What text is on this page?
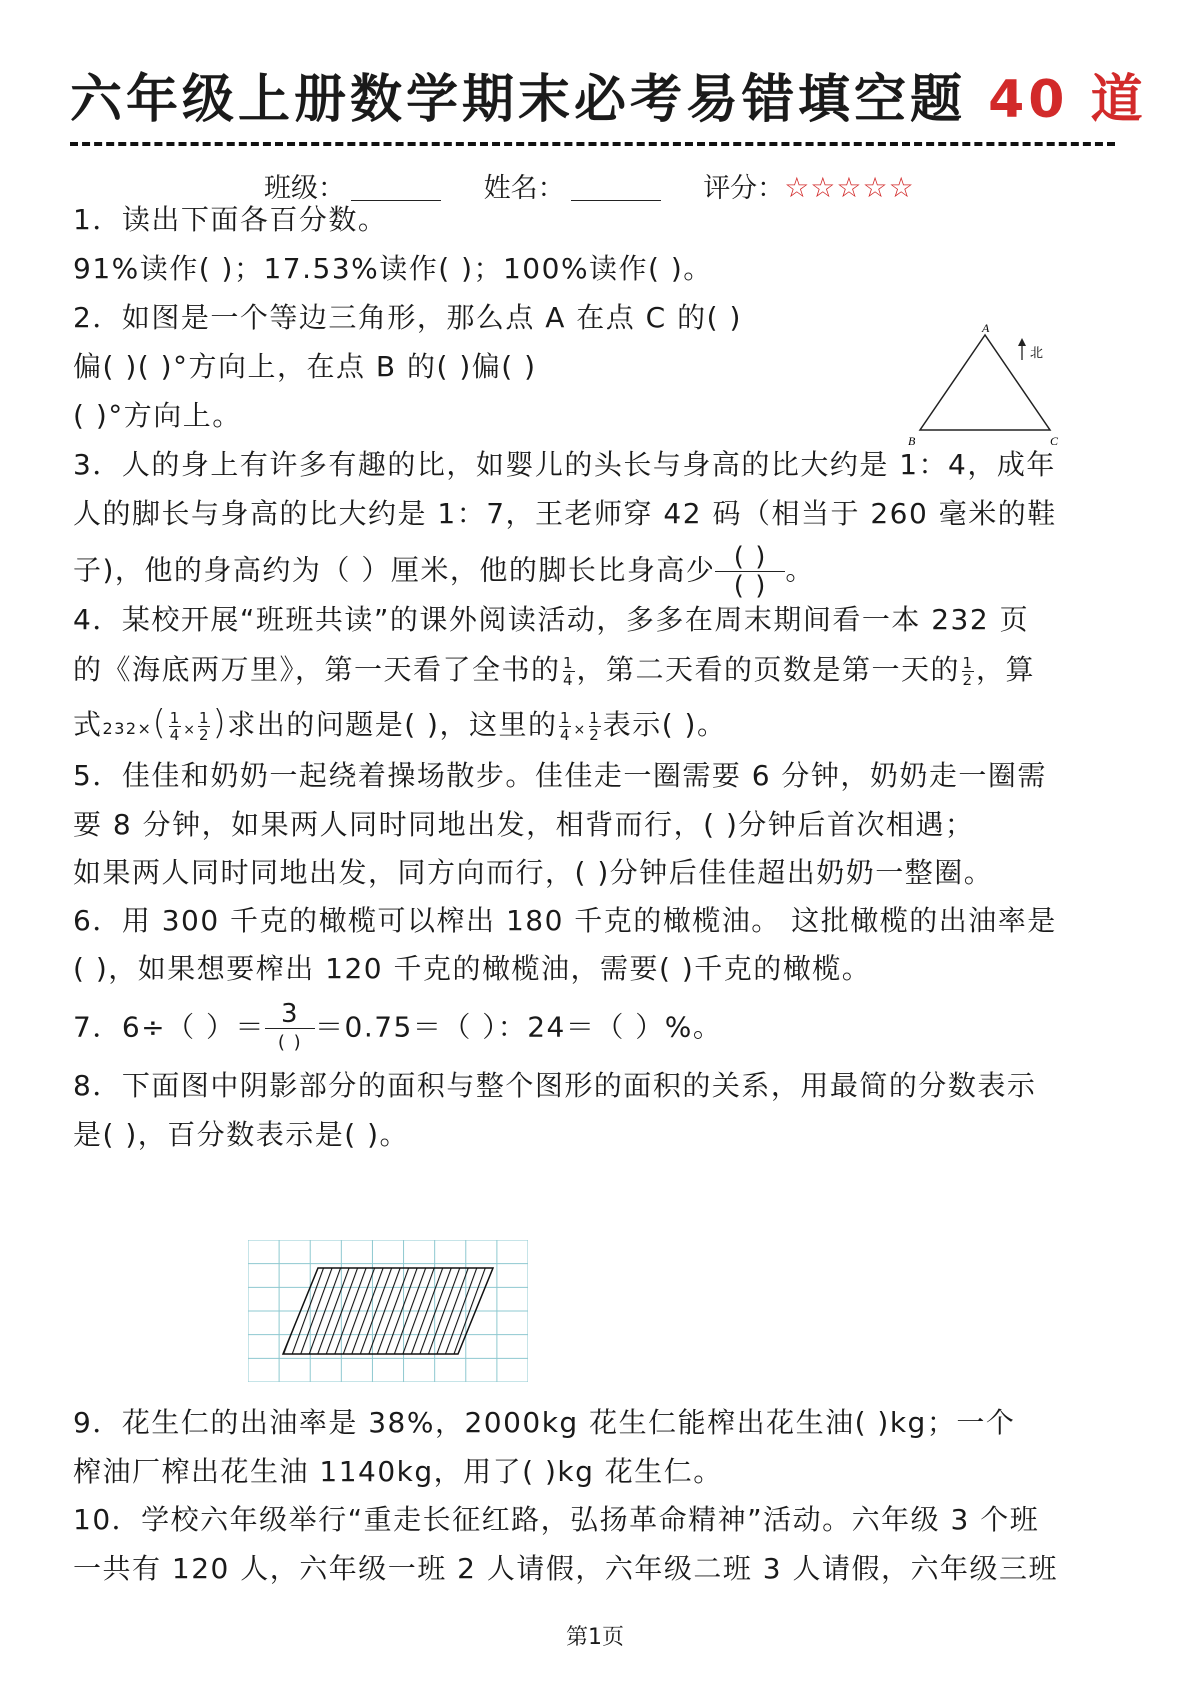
六年级上册数学期末必考易错填空题 40 道
班级：	姓名：	评分：☆☆☆☆☆
1．读出下面各百分数。
91%读作( )；17.53%读作( )；100%读作( )。
2．如图是一个等边三角形，那么点 A 在点 C 的( )
偏( )( )°方向上，在点 B 的( )偏( )
( )°方向上。
A
B	C
北
3．人的身上有许多有趣的比，如婴儿的头长与身高的比大约是 1：4，成年
人的脚长与身高的比大约是 1：7，王老师穿 42 码（相当于 260 毫米的鞋
子)，他的身高约为（ ）厘米，他的脚长比身高少 ( )
( ) 。
4．某校开展“班班共读”的课外阅读活动，多多在周末期间看一本 232 页
的《海底两万里》，第一天看了全书的 $\frac{1}{4}$ ，第二天看的页数是第一天的 $\frac{1}{2}$ ，算
式$232\times( \frac{1}{4} \times \frac{1}{2}$ )求出的问题是( )，这里的 $\frac{1}{4} \times \frac{1}{2}$ 表示( )。
5．佳佳和奶奶一起绕着操场散步。佳佳走一圈需要 6 分钟，奶奶走一圈需
要 8 分钟，如果两人同时同地出发，相背而行，( )分钟后首次相遇；
如果两人同时同地出发，同方向而行，( )分钟后佳佳超出奶奶一整圈。
6．用 300 千克的橄榄可以榨出 180 千克的橄榄油。 这批橄榄的出油率是
( )，如果想要榨出 120 千克的橄榄油，需要( )千克的橄榄。
7．6÷（ ）＝ 3
( ) ＝0.75＝（ ）：24＝（ ）%。
8．下面图中阴影部分的面积与整个图形的面积的关系，用最简的分数表示
是( )，百分数表示是( )。
9．花生仁的出油率是 38%，2000kg 花生仁能榨出花生油( )kg；一个
榨油厂榨出花生油 1140kg，用了( )kg 花生仁。
10．学校六年级举行“重走长征红路，弘扬革命精神”活动。六年级 3 个班
一共有 120 人，六年级一班 2 人请假，六年级二班 3 人请假，六年级三班
第1页
